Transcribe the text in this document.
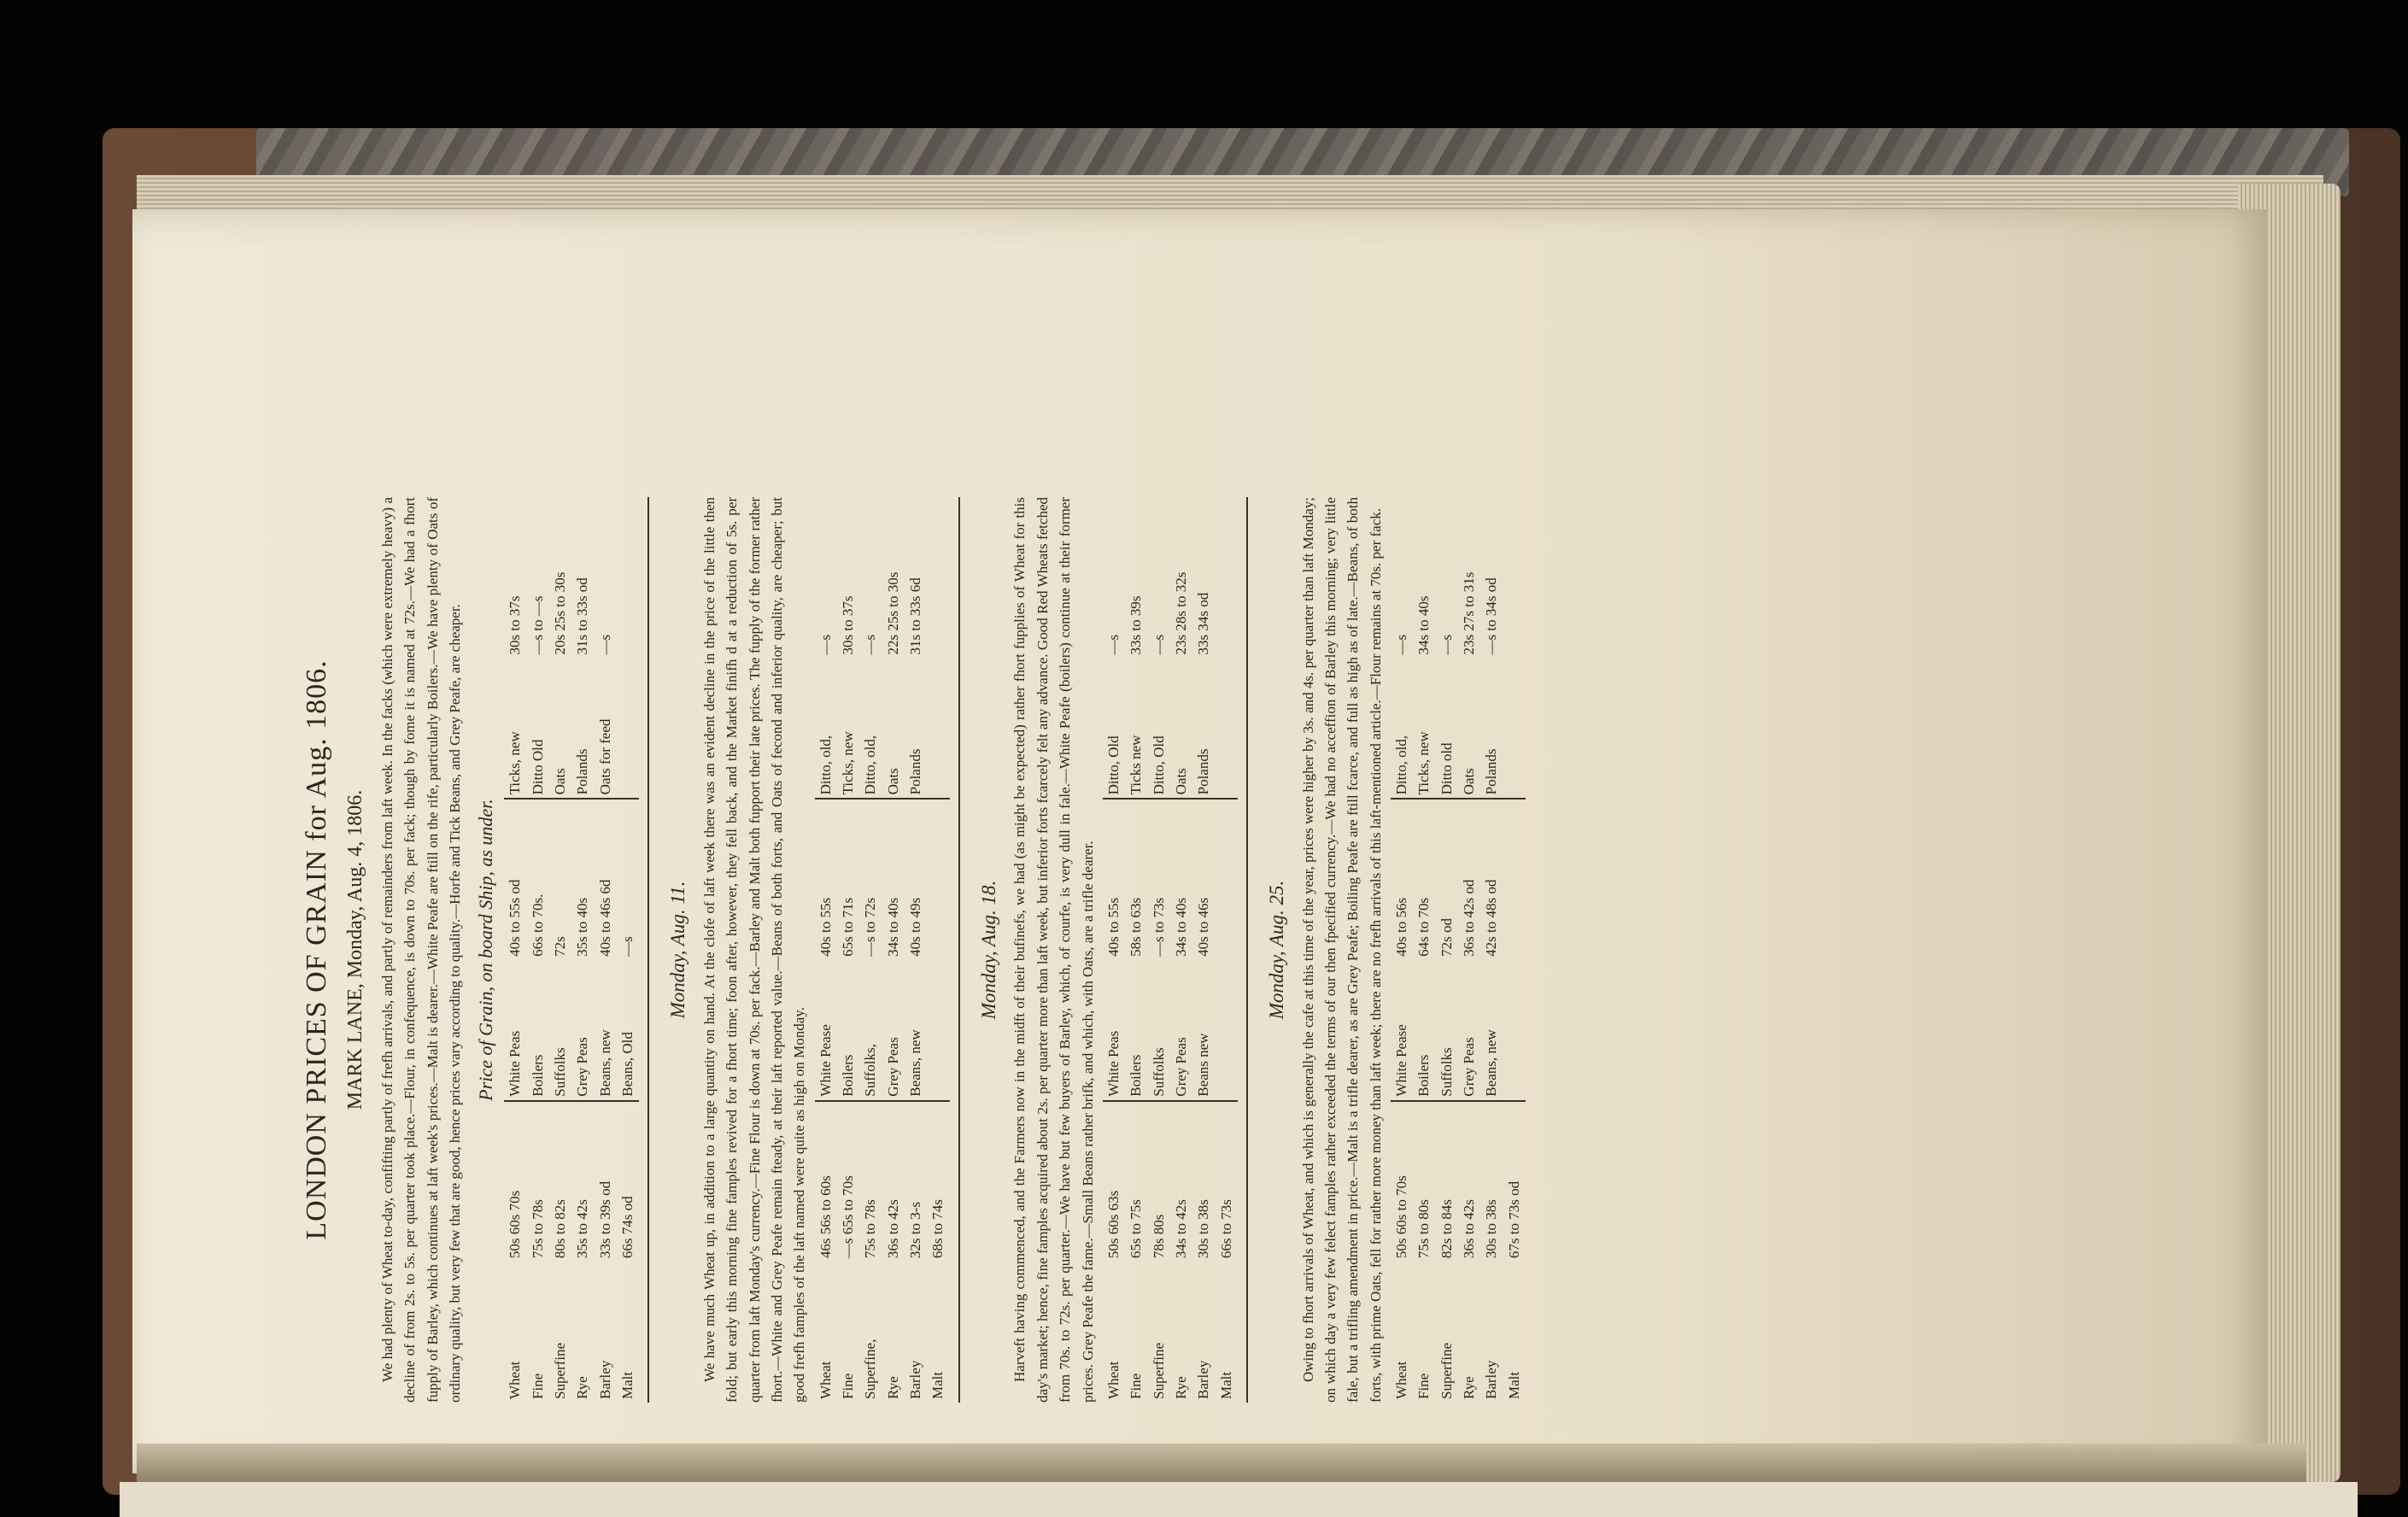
LONDON PRICES OF GRAIN for Aug. 1806. MARK LANE, Monday, Aug. 4, 1806. We had plenty of Wheat to-day, confifting partly of frefh arrivals, and partly of remainders from laft week. In the facks (which were extremely heavy) a decline of from 2s. to 5s. per quarter took place.—Flour, in confequence, is down to 70s. per fack; though by fome it is named at 72s.—We had a fhort fupply of Barley, which continues at laft week's prices.—Malt is dearer.—White Peafe are ftill on the rife, particularly Boilers.—We have plenty of Oats of ordinary quality, but very few that are good, hence prices vary according to quality.—Horfe and Tick Beans, and Grey Peafe, are cheaper. Price of Grain, on board Ship, as under.
Wheat	50s 60s 70s	White Peas	40s to 55s od	Ticks, new	30s to 37s
Fine	75s to 78s	Boilers	66s to 70s.	Ditto Old	—s to —s
Superfine	80s to 82s	Suffolks	72s	Oats	20s 25s to 30s
Rye	35s to 42s	Grey Peas	35s to 40s	Polands	31s to 33s od
Barley	33s to 39s od	Beans, new	40s to 46s 6d	Oats for feed	—s
Malt	66s 74s od	Beans, Old	—s		Monday, Aug. 11. We have much Wheat up, in addition to a large quantity on hand. At the clofe of laft week there was an evident decline in the price of the little then fold; but early this morning fine famples revived for a fhort time; foon after, however, they fell back, and the Market finifh d at a reduction of 5s. per quarter from laft Monday's currency.—Fine Flour is down at 70s. per fack.—Barley and Malt both fupport their late prices. The fupply of the former rather fhort.—White and Grey Peafe remain fteady, at their laft reported value.—Beans of both forts, and Oats of fecond and inferior quality, are cheaper; but good frefh famples of the laft named were quite as high on Monday. Wheat	46s 56s to 60s	White Pease	40s to 55s	Ditto, old,	—s
Fine	—s 65s to 70s	Boilers	65s to 71s	Ticks, new	30s to 37s
Superfine,	75s to 78s	Suffolks,	—s to 72s	Ditto, old,	—s
Rye	36s to 42s	Grey Peas	34s to 40s	Oats	22s 25s to 30s
Barley	32s to 3-s	Beans, new	40s to 49s	Polands	31s to 33s 6d
Malt	68s to 74s				
Monday, Aug. 18. Harveft having commenced, and the Farmers now in the midft of their bufinefs, we had (as might be expected) rather fhort fupplies of Wheat for this day's market; hence, fine famples acquired about 2s. per quarter more than laft week, but inferior forts fcarcely felt any advance. Good Red Wheats fetched from 70s. to 72s. per quarter.—We have but few buyers of Barley, which, of courfe, is very dull in fale.—White Peafe (boilers) continue at their former prices. Grey Peafe the fame.—Small Beans rather brifk, and which, with Oats, are a trifle dearer. Wheat	50s 60s 63s	White Peas	40s to 55s	Ditto, Old	—s
Fine	65s to 75s	Boilers	58s to 63s	Ticks new	33s to 39s
Superfine	78s 80s	Suffolks	—s to 73s	Ditto, Old	—s
Rye	34s to 42s	Grey Peas	34s to 40s	Oats	23s 28s to 32s
Barley	30s to 38s	Beans new	40s to 46s	Polands	33s 34s od
Malt	66s to 73s				
Monday, Aug. 25. Owing to fhort arrivals of Wheat, and which is generally the cafe at this time of the year, prices were higher by 3s. and 4s. per quarter than laft Monday; on which day a very few felect famples rather exceeded the terms of our then fpecified currency.—We had no acceffion of Barley this morning; very little fale, but a trifling amendment in price.—Malt is a trifle dearer, as are Grey Peafe; Boiling Peafe are ftill fcarce, and full as high as of late.—Beans, of both forts, with prime Oats, fell for rather more money than laft week; there are no frefh arrivals of this laft-mentioned article.—Flour remains at 70s. per fack. Wheat	50s 60s to 70s	White Pease	40s to 56s	Ditto, old,	—s
Fine	75s to 80s	Boilers	64s to 70s	Ticks, new	34s to 40s
Superfine	82s to 84s	Suffolks	72s od	Ditto old	—s
Rye	36s to 42s	Grey Peas	36s to 42s od	Oats	23s 27s to 31s
Barley	30s to 38s	Beans, new	42s to 48s od	Polands	—s to 34s od
Malt	67s to 73s od				
